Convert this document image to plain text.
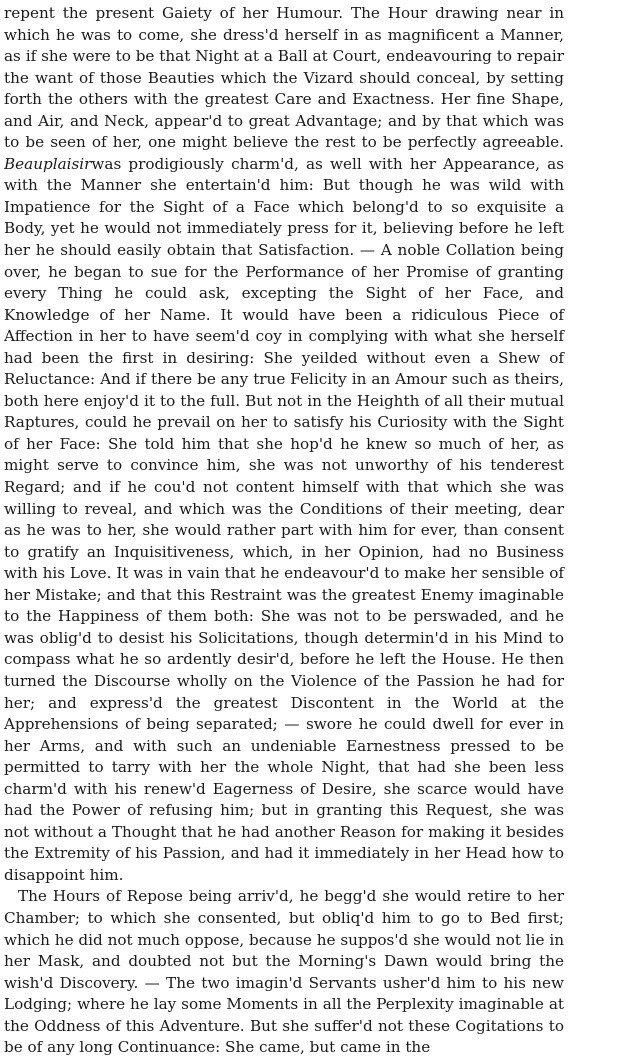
repent the present Gaiety of her Humour. The Hour drawing near in which he was to come, she dress'd herself in as magnificent a Manner, as if she were to be that Night at a Ball at Court, endeavouring to repair the want of those Beauties which the Vizard should conceal, by setting forth the others with the greatest Care and Exactness. Her fine Shape, and Air, and Neck, appear'd to great Advantage; and by that which was to be seen of her, one might believe the rest to be perfectly agreeable. Beauplaisirwas prodigiously charm'd, as well with her Appearance, as with the Manner she entertain'd him: But though he was wild with Impatience for the Sight of a Face which belong'd to so exquisite a Body, yet he would not immediately press for it, believing before he left her he should easily obtain that Satisfaction. — A noble Collation being over, he began to sue for the Performance of her Promise of granting every Thing he could ask, excepting the Sight of her Face, and Knowledge of her Name. It would have been a ridiculous Piece of Affection in her to have seem'd coy in complying with what she herself had been the first in desiring: She yeilded without even a Shew of Reluctance: And if there be any true Felicity in an Amour such as theirs, both here enjoy'd it to the full. But not in the Heighth of all their mutual Raptures, could he prevail on her to satisfy his Curiosity with the Sight of her Face: She told him that she hop'd he knew so much of her, as might serve to convince him, she was not unworthy of his tenderest Regard; and if he cou'd not content himself with that which she was willing to reveal, and which was the Conditions of their meeting, dear as he was to her, she would rather part with him for ever, than consent to gratify an Inquisitiveness, which, in her Opinion, had no Business with his Love. It was in vain that he endeavour'd to make her sensible of her Mistake; and that this Restraint was the greatest Enemy imaginable to the Happiness of them both: She was not to be perswaded, and he was oblig'd to desist his Solicitations, though determin'd in his Mind to compass what he so ardently desir'd, before he left the House. He then turned the Discourse wholly on the Violence of the Passion he had for her; and express'd the greatest Discontent in the World at the Apprehensions of being separated; — swore he could dwell for ever in her Arms, and with such an undeniable Earnestness pressed to be permitted to tarry with her the whole Night, that had she been less charm'd with his renew'd Eagerness of Desire, she scarce would have had the Power of refusing him; but in granting this Request, she was not without a Thought that he had another Reason for making it besides the Extremity of his Passion, and had it immediately in her Head how to disappoint him.

The Hours of Repose being arriv'd, he begg'd she would retire to her Chamber; to which she consented, but obliq'd him to go to Bed first; which he did not much oppose, because he suppos'd she would not lie in her Mask, and doubted not but the Morning's Dawn would bring the wish'd Discovery. — The two imagin'd Servants usher'd him to his new Lodging; where he lay some Moments in all the Perplexity imaginable at the Oddness of this Adventure. But she suffer'd not these Cogitations to be of any long Continuance: She came, but came in the
